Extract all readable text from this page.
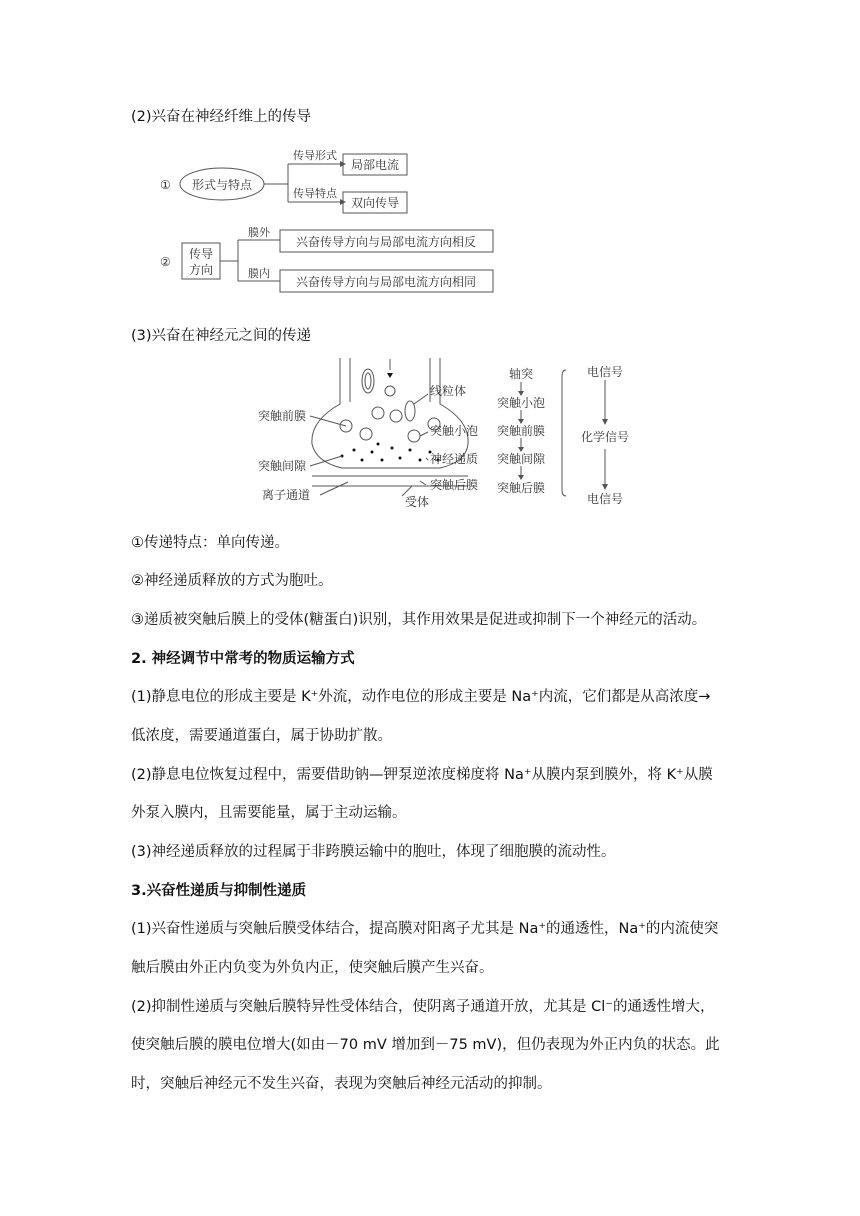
(2)兴奋在神经纤维上的传导
①
②
形式与特点
传导形式
局部电流
传导特点
双向传导
传导
方向
膜外
兴奋传导方向与局部电流方向相反
膜内
兴奋传导方向与局部电流方向相同
(3)兴奋在神经元之间的传递
突触前膜
突触间隙
离子通道
线粒体
突触小泡
神经递质
突触后膜
受体
轴突
突触小泡
突触前膜
突触间隙
突触后膜
电信号
化学信号
电信号
①传递特点：单向传递。
②神经递质释放的方式为胞吐。
③递质被突触后膜上的受体(糖蛋白)识别，其作用效果是促进或抑制下一个神经元的活动。
2. 神经调节中常考的物质运输方式
(1)静息电位的形成主要是 K⁺外流，动作电位的形成主要是 Na⁺内流，它们都是从高浓度→
低浓度，需要通道蛋白，属于协助扩散。
(2)静息电位恢复过程中，需要借助钠—钾泵逆浓度梯度将 Na⁺从膜内泵到膜外，将 K⁺从膜
外泵入膜内，且需要能量，属于主动运输。
(3)神经递质释放的过程属于非跨膜运输中的胞吐，体现了细胞膜的流动性。
3.兴奋性递质与抑制性递质
(1)兴奋性递质与突触后膜受体结合，提高膜对阳离子尤其是 Na⁺的通透性，Na⁺的内流使突
触后膜由外正内负变为外负内正，使突触后膜产生兴奋。
(2)抑制性递质与突触后膜特异性受体结合，使阴离子通道开放，尤其是 Cl⁻的通透性增大，
使突触后膜的膜电位增大(如由－70 mV 增加到－75 mV)，但仍表现为外正内负的状态。此
时，突触后神经元不发生兴奋，表现为突触后神经元活动的抑制。
